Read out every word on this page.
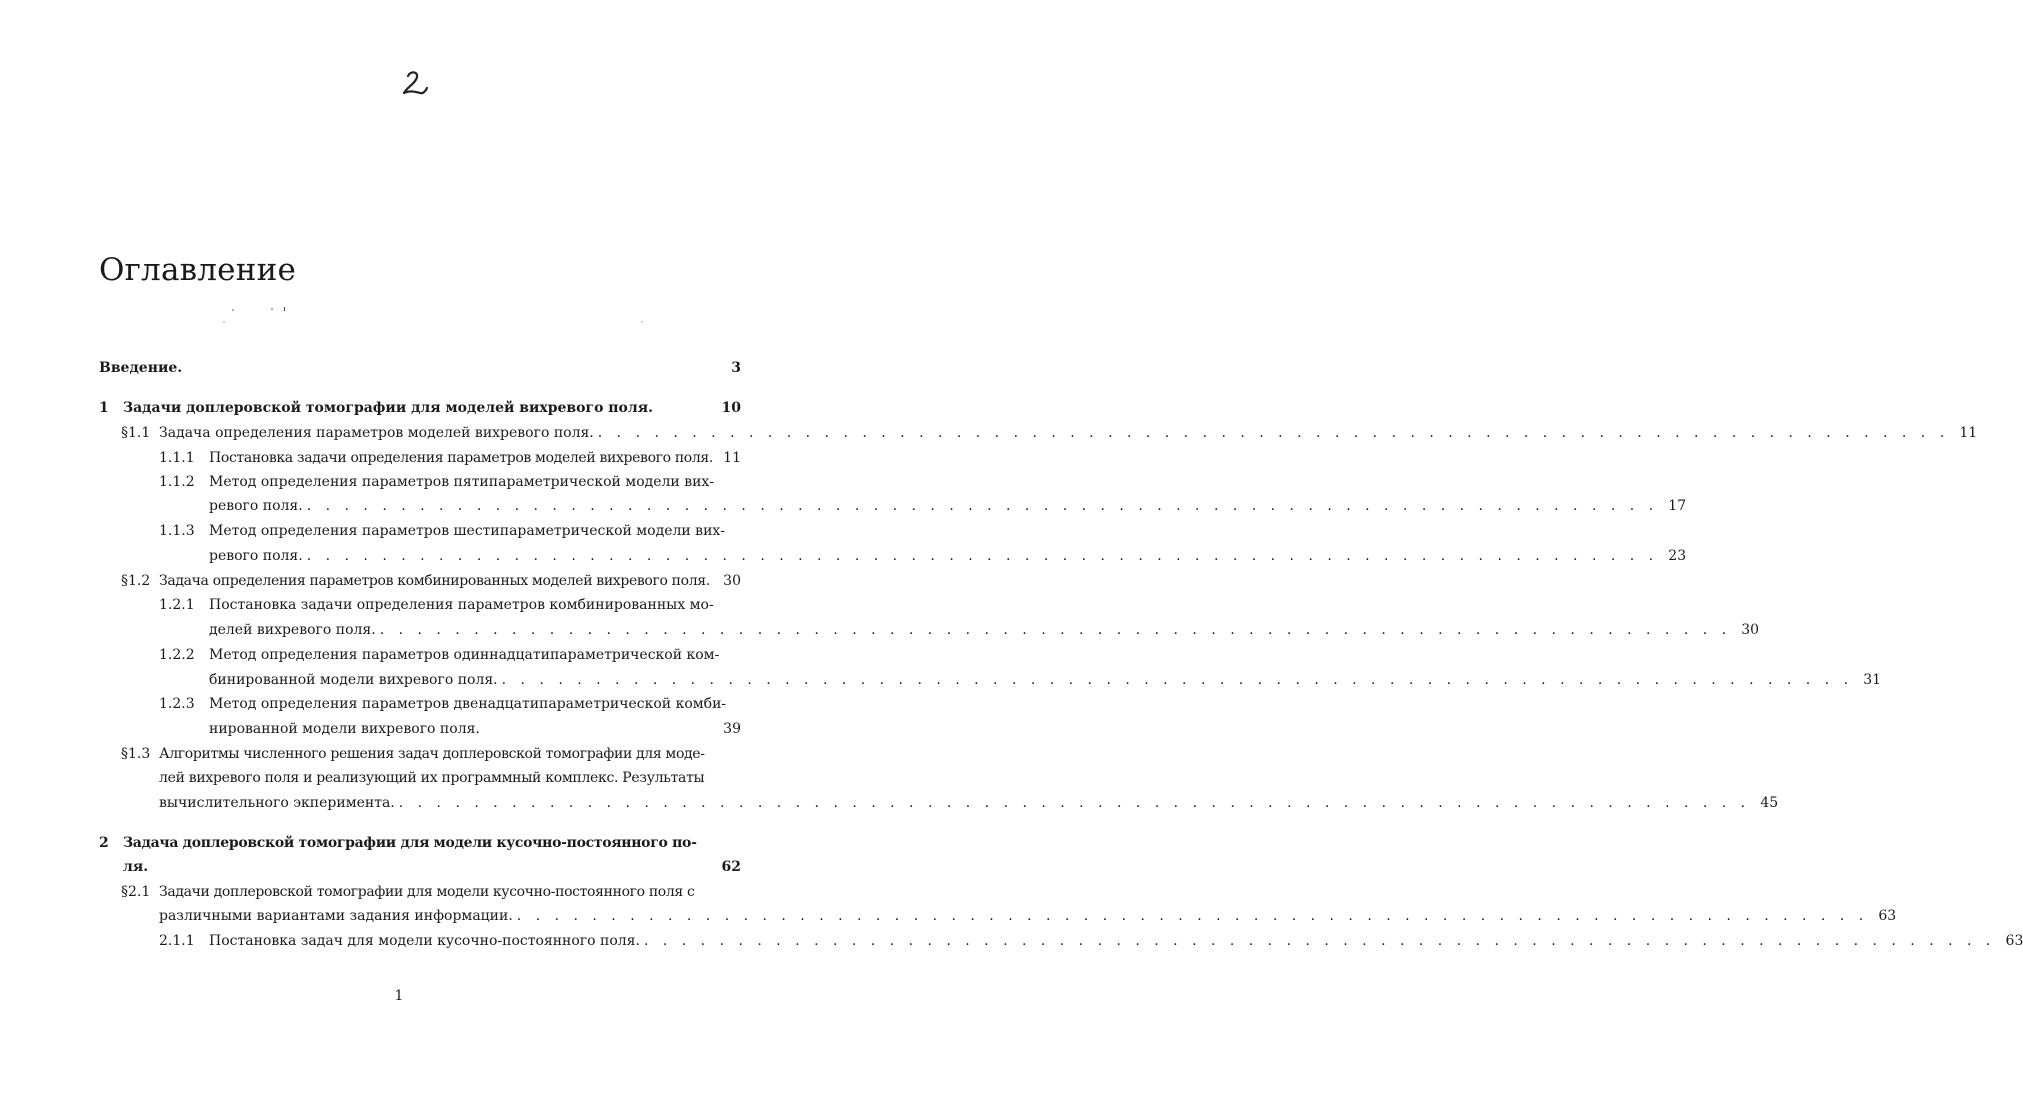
Оглавление
Введение.	3
1	Задачи доплеровской томографии для моделей вихревого поля.	10
§1.1 Задача определения параметров моделей вихревого поля. . . . . . . . . . . . . . . . . . . . . . . . . . . . . . . . . . . . . . . . . . . . . . . . . . . . . . . . . . . . . . . . . . . . . . . . . 11
1.1.1	Постановка задачи определения параметров моделей вихревого поля. 11
1.1.2	Метод определения параметров пятипараметрической модели вих-
ревого поля. . . . . . . . . . . . . . . . . . . . . . . . . . . . . . . . . . . . . . . . . . . . . . . . . . . . . . . . . . . . . . . . . . . . . . . . . 17
1.1.3	Метод определения параметров шестипараметрической модели вих-
ревого поля. . . . . . . . . . . . . . . . . . . . . . . . . . . . . . . . . . . . . . . . . . . . . . . . . . . . . . . . . . . . . . . . . . . . . . . . . 23
§1.2 Задача определения параметров комбинированных моделей вихревого поля. 30
1.2.1	Постановка задачи определения параметров комбинированных мо-
делей вихревого поля. . . . . . . . . . . . . . . . . . . . . . . . . . . . . . . . . . . . . . . . . . . . . . . . . . . . . . . . . . . . . . . . . . . . . . . . . 30
1.2.2	Метод определения параметров одиннадцатипараметрической ком-
бинированной модели вихревого поля. . . . . . . . . . . . . . . . . . . . . . . . . . . . . . . . . . . . . . . . . . . . . . . . . . . . . . . . . . . . . . . . . . . . . . . . . 31
1.2.3	Метод определения параметров двенадцатипараметрической комби-
нированной модели вихревого поля.	39
§1.3 Алгоритмы численного решения задач доплеровской томографии для моде-
лей вихревого поля и реализующий их программный комплекс. Результаты
вычислительного экперимента. . . . . . . . . . . . . . . . . . . . . . . . . . . . . . . . . . . . . . . . . . . . . . . . . . . . . . . . . . . . . . . . . . . . . . . . . 45
2	Задача доплеровской томографии для модели кусочно-постоянного по-
ля.	62
§2.1 Задачи доплеровской томографии для модели кусочно-постоянного поля с
различными вариантами задания информации. . . . . . . . . . . . . . . . . . . . . . . . . . . . . . . . . . . . . . . . . . . . . . . . . . . . . . . . . . . . . . . . . . . . . . . . . 63
2.1.1	Постановка задач для модели кусочно-постоянного поля. . . . . . . . . . . . . . . . . . . . . . . . . . . . . . . . . . . . . . . . . . . . . . . . . . . . . . . . . . . . . . . . . . . . . . . . . 63
1
